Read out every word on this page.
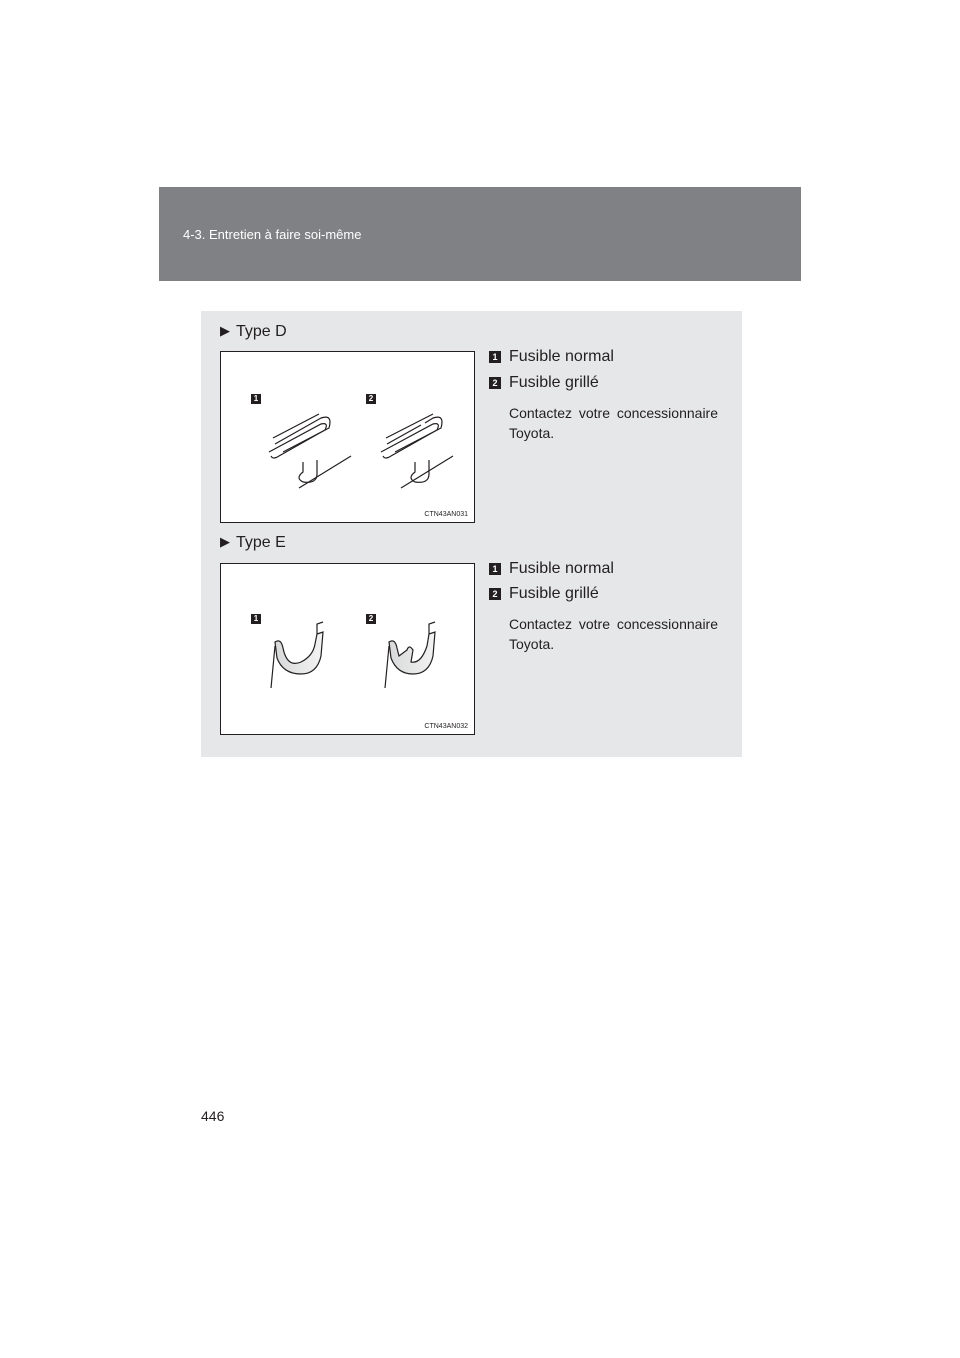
4-3. Entretien à faire soi-même
▶ Type D
1	2
CTN43AN031
1 Fusible normal
2 Fusible grillé
Contactez votre concessionnaire Toyota.
▶ Type E
1	2
CTN43AN032
1 Fusible normal
2 Fusible grillé
Contactez votre concessionnaire Toyota.
446
